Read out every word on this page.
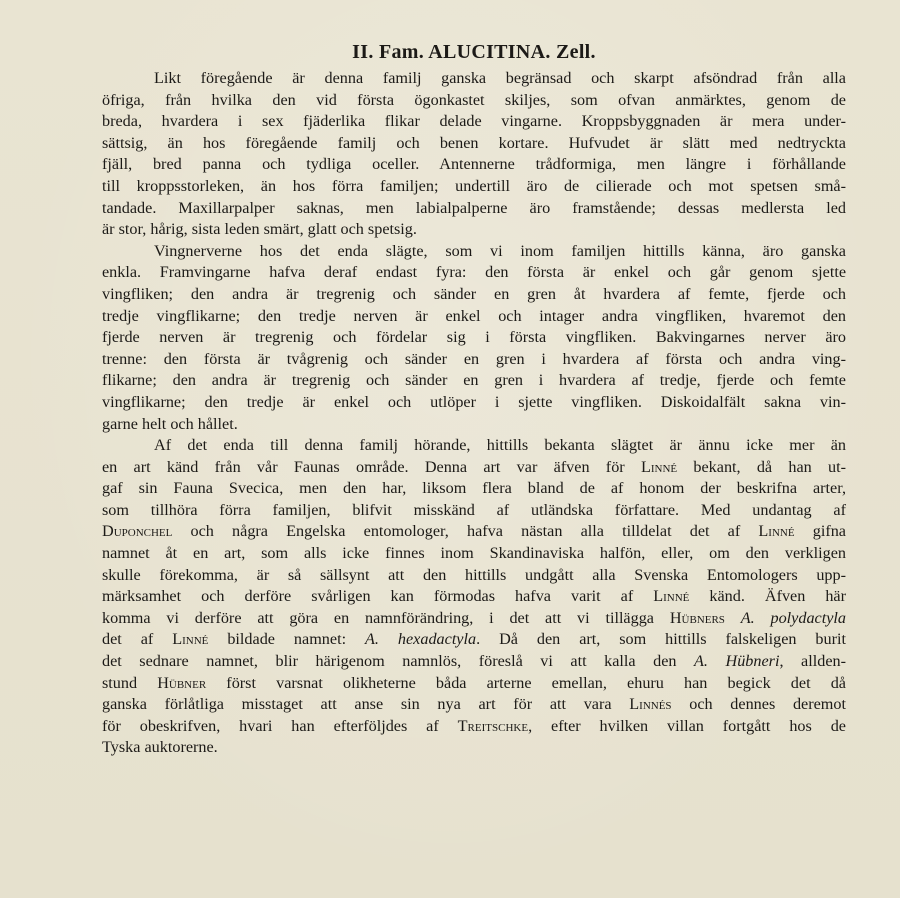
II. Fam. ALUCITINA. Zell.

Likt föregående är denna familj ganska begränsad och skarpt afsöndrad från alla
öfriga, från hvilka den vid första ögonkastet skiljes, som ofvan anmärktes, genom de
breda, hvardera i sex fjäderlika flikar delade vingarne. Kroppsbyggnaden är mera under-
sättsig, än hos föregående familj och benen kortare. Hufvudet är slätt med nedtryckta
fjäll, bred panna och tydliga oceller. Antennerne trådformiga, men längre i förhållande
till kroppsstorleken, än hos förra familjen; undertill äro de cilierade och mot spetsen små-
tandade. Maxillarpalper saknas, men labialpalperne äro framstående; dessas medlersta led
är stor, hårig, sista leden smärt, glatt och spetsig.

Vingnerverne hos det enda slägte, som vi inom familjen hittills känna, äro ganska
enkla. Framvingarne hafva deraf endast fyra: den första är enkel och går genom sjette
vingfliken; den andra är tregrenig och sänder en gren åt hvardera af femte, fjerde och
tredje vingflikarne; den tredje nerven är enkel och intager andra vingfliken, hvaremot den
fjerde nerven är tregrenig och fördelar sig i första vingfliken. Bakvingarnes nerver äro
trenne: den första är tvågrenig och sänder en gren i hvardera af första och andra ving-
flikarne; den andra är tregrenig och sänder en gren i hvardera af tredje, fjerde och femte
vingflikarne; den tredje är enkel och utlöper i sjette vingfliken. Diskoidalfält sakna vin-
garne helt och hållet.

Af det enda till denna familj hörande, hittills bekanta slägtet är ännu icke mer än
en art känd från vår Faunas område. Denna art var äfven för Linné bekant, då han ut-
gaf sin Fauna Svecica, men den har, liksom flera bland de af honom der beskrifna arter,
som tillhöra förra familjen, blifvit misskänd af utländska författare. Med undantag af
Duponchel och några Engelska entomologer, hafva nästan alla tilldelat det af Linné gifna
namnet åt en art, som alls icke finnes inom Skandinaviska halfön, eller, om den verkligen
skulle förekomma, är så sällsynt att den hittills undgått alla Svenska Entomologers upp-
märksamhet och derföre svårligen kan förmodas hafva varit af Linné känd. Äfven här
komma vi derföre att göra en namnförändring, i det att vi tillägga Hübners A. polydactyla
det af Linné bildade namnet: A. hexadactyla. Då den art, som hittills falskeligen burit
det sednare namnet, blir härigenom namnlös, föreslå vi att kalla den A. Hübneri, allden-
stund Hübner först varsnat olikheterne båda arterne emellan, ehuru han begick det då
ganska förlåtliga misstaget att anse sin nya art för att vara Linnés och dennes deremot
för obeskrifven, hvari han efterföljdes af Treitschke, efter hvilken villan fortgått hos de
Tyska auktorerne.
